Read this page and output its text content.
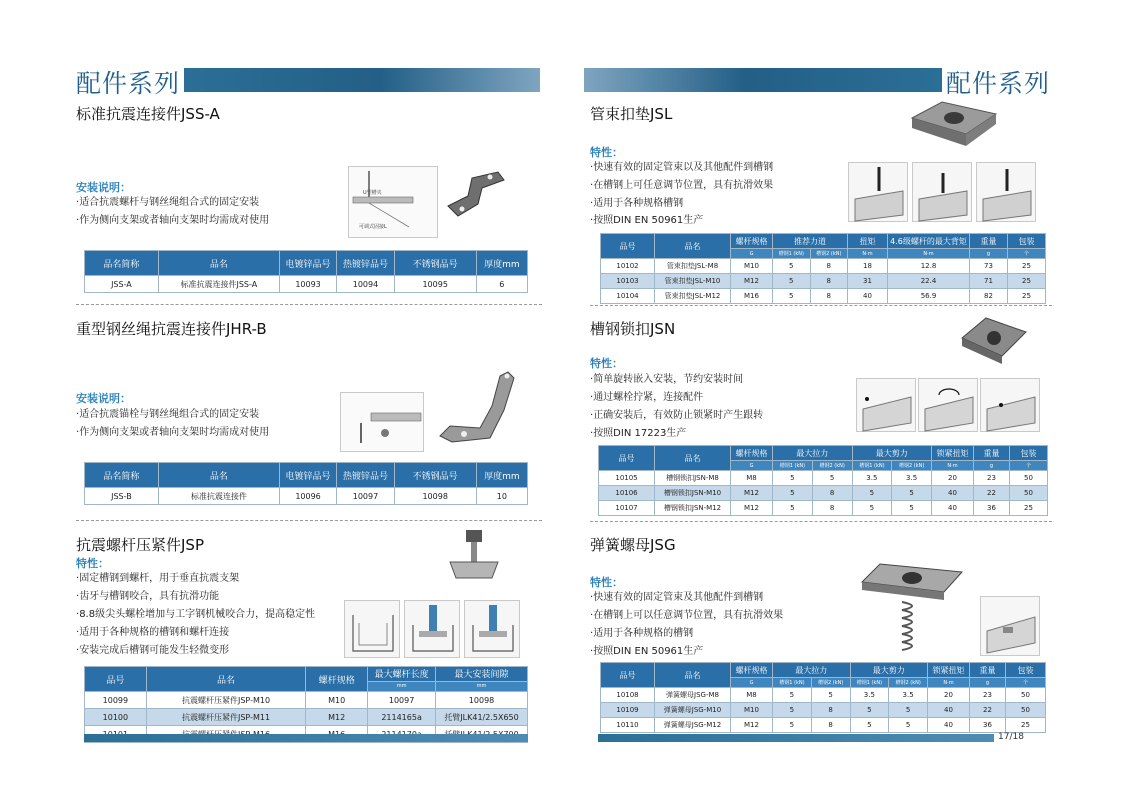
配件系列
标准抗震连接件JSS-A
安装说明：
·适合抗震螺杆与钢丝绳组合式的固定安装
·作为侧向支架或者轴向支架时均需成对使用
U型槽夹
可调式固接L
品名简称	品名	电镀锌品号	热镀锌品号	不锈钢品号	厚度mm
JSS-A	标准抗震连接件JSS-A	10093	10094	10095	6
重型钢丝绳抗震连接件JHR-B
安装说明：
·适合抗震锚栓与钢丝绳组合式的固定安装
·作为侧向支架或者轴向支架时均需成对使用
品名简称	品名	电镀锌品号	热镀锌品号	不锈钢品号	厚度mm
JSS-B	标准抗震连接件	10096	10097	10098	10
抗震螺杆压紧件JSP
特性：
·固定槽钢到螺杆，用于垂直抗震支架
·齿牙与槽钢咬合，具有抗滑功能
·8.8级尖头螺栓增加与工字钢机械咬合力，提高稳定性
·适用于各种规格的槽钢和螺杆连接
·安装完成后槽钢可能发生轻微变形
品号	品名	螺杆规格	最大螺杆长度	最大安装间隙
			mm	mm
10099	抗震螺杆压紧件JSP-M10	M10	10097	10098
10100	抗震螺杆压紧件JSP-M11	M12	2114165a	托臂JLK41/2.5X650

配件系列
管束扣垫JSL
特性：
·快速有效的固定管束以及其他配件到槽钢
·在槽钢上可任意调节位置，具有抗滑效果
·适用于各种规格槽钢
·按照DIN EN 50961生产
品号	品名	螺杆规格	推荐力道		扭矩	4.6级螺杆的最大背矩	重量	包装
		G	槽钢1 (kN)	槽钢2 (kN)	N·m	N·m	g	个
10102	管束扣垫JSL-M8	M10	5	8	18	12.8	73	25
10103	管束扣垫JSL-M10	M12	5	8	31	22.4	71	25
10104	管束扣垫JSL-M12	M16	5	8	40	56.9	82	25
槽钢锁扣JSN
特性：
·简单旋转嵌入安装，节约安装时间
·通过螺栓拧紧，连接配件
·正确安装后，有效防止锁紧时产生跟转
·按照DIN 17223生产
品号	品名	螺杆规格	最大拉力		最大剪力		锁紧扭矩	重量	包装
		G	槽钢1 (kN)	槽钢2 (kN)	槽钢1 (kN)	槽钢2 (kN)	N·m	g	个
10105	槽钢锁扣JSN-M8	M8	5	5	3.5	3.5	20	23	50
10106	槽钢锁扣JSN-M10	M12	5	8	5	5	40	22	50
10107	槽钢锁扣JSN-M12	M12	5	8	5	5	40	36	25
弹簧螺母JSG
特性：
·快速有效的固定管束及其他配件到槽钢
·在槽钢上可以任意调节位置，具有抗滑效果
·适用于各种规格的槽钢
·按照DIN EN 50961生产
品号	品名	螺杆规格	最大拉力		最大剪力		锁紧扭矩	重量	包装
		G	槽钢1 (kN)	槽钢2 (kN)	槽钢1 (kN)	槽钢2 (kN)	N·m	g	个
10108	弹簧螺母JSG-M8	M8	5	5	3.5	3.5	20	23	50
10109	弹簧螺母JSG-M10	M10	5	8	5	5	40	22	50
10110	弹簧螺母JSG-M12	M12	5	8	5	5	40	36	25
17/18
